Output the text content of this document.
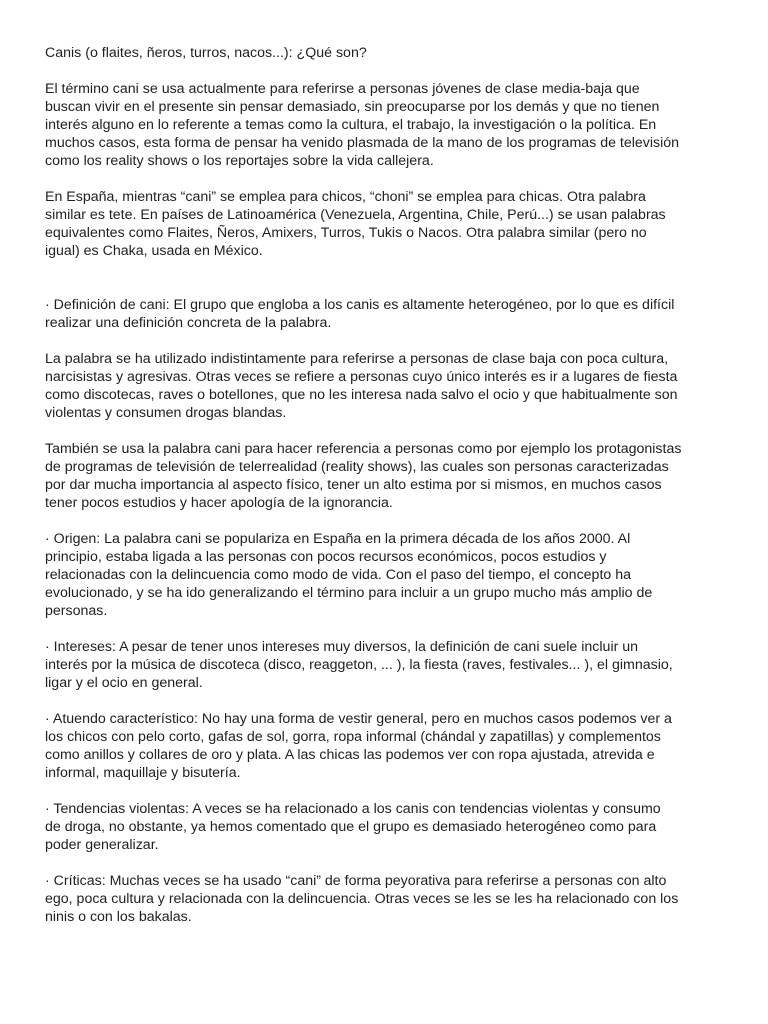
Canis (o flaites, ñeros, turros, nacos...): ¿Qué son?

El término cani se usa actualmente para referirse a personas jóvenes de clase media-baja que
buscan vivir en el presente sin pensar demasiado, sin preocuparse por los demás y que no tienen
interés alguno en lo referente a temas como la cultura, el trabajo, la investigación o la política. En
muchos casos, esta forma de pensar ha venido plasmada de la mano de los programas de televisión
como los reality shows o los reportajes sobre la vida callejera.

En España, mientras “cani” se emplea para chicos, “choni” se emplea para chicas. Otra palabra
similar es tete. En países de Latinoamérica (Venezuela, Argentina, Chile, Perú...) se usan palabras
equivalentes como Flaites, Ñeros, Amixers, Turros, Tukis o Nacos. Otra palabra similar (pero no
igual) es Chaka, usada en México.

· Definición de cani: El grupo que engloba a los canis es altamente heterogéneo, por lo que es difícil
realizar una definición concreta de la palabra.

La palabra se ha utilizado indistintamente para referirse a personas de clase baja con poca cultura,
narcisistas y agresivas. Otras veces se refiere a personas cuyo único interés es ir a lugares de fiesta
como discotecas, raves o botellones, que no les interesa nada salvo el ocio y que habitualmente son
violentas y consumen drogas blandas.

También se usa la palabra cani para hacer referencia a personas como por ejemplo los protagonistas
de programas de televisión de telerrealidad (reality shows), las cuales son personas caracterizadas
por dar mucha importancia al aspecto físico, tener un alto estima por si mismos, en muchos casos
tener pocos estudios y hacer apología de la ignorancia.

· Origen: La palabra cani se populariza en España en la primera década de los años 2000. Al
principio, estaba ligada a las personas con pocos recursos económicos, pocos estudios y
relacionadas con la delincuencia como modo de vida. Con el paso del tiempo, el concepto ha
evolucionado, y se ha ido generalizando el término para incluir a un grupo mucho más amplio de
personas.

· Intereses: A pesar de tener unos intereses muy diversos, la definición de cani suele incluir un
interés por la música de discoteca (disco, reaggeton, ... ), la fiesta (raves, festivales... ), el gimnasio,
ligar y el ocio en general.

· Atuendo característico: No hay una forma de vestir general, pero en muchos casos podemos ver a
los chicos con pelo corto, gafas de sol, gorra, ropa informal (chándal y zapatillas) y complementos
como anillos y collares de oro y plata. A las chicas las podemos ver con ropa ajustada, atrevida e
informal, maquillaje y bisutería.

· Tendencias violentas: A veces se ha relacionado a los canis con tendencias violentas y consumo
de droga, no obstante, ya hemos comentado que el grupo es demasiado heterogéneo como para
poder generalizar.

· Críticas: Muchas veces se ha usado “cani” de forma peyorativa para referirse a personas con alto
ego, poca cultura y relacionada con la delincuencia. Otras veces se les se les ha relacionado con los
ninis o con los bakalas.
